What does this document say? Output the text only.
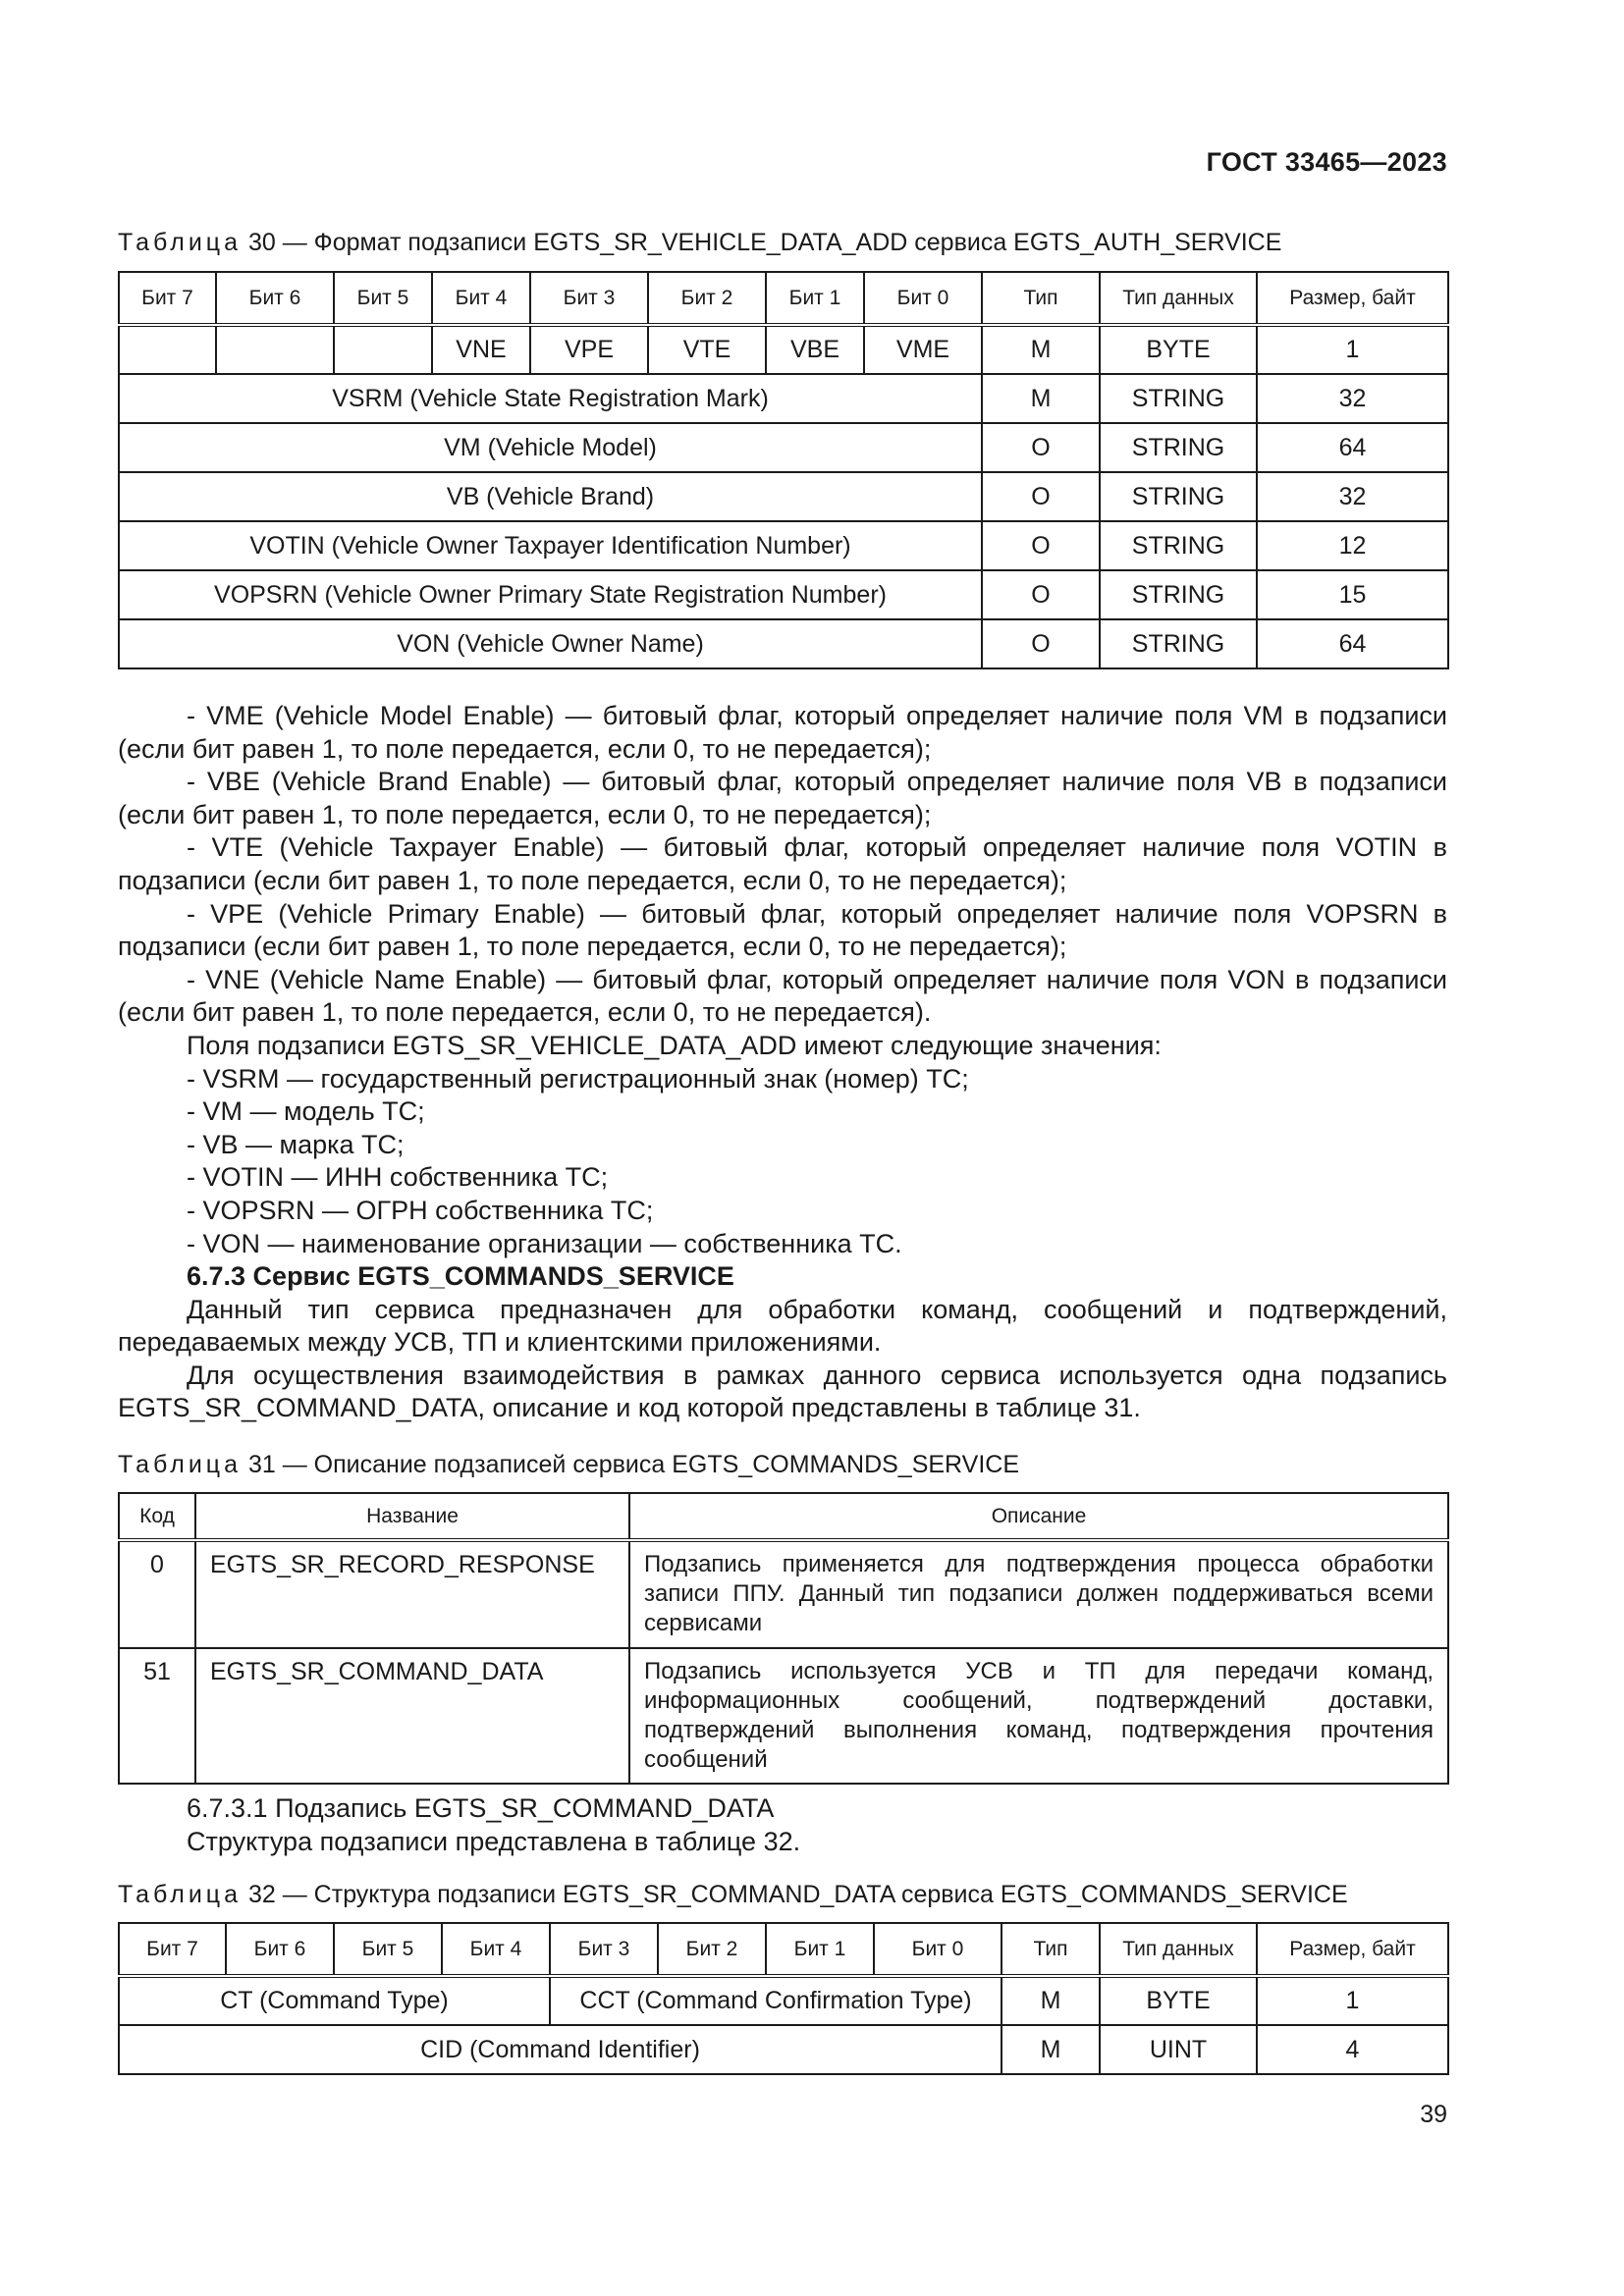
ГОСТ 33465—2023
Таблица 30 — Формат подзаписи EGTS_SR_VEHICLE_DATA_ADD сервиса EGTS_AUTH_SERVICE
Бит 7	Бит 6	Бит 5	Бит 4	Бит 3	Бит 2	Бит 1	Бит 0	Тип	Тип данных	Размер, байт
			VNE	VPE	VTE	VBE	VME	M	BYTE	1
VSRM (Vehicle State Registration Mark)								M	STRING	32
VM (Vehicle Model)								O	STRING	64
VB (Vehicle Brand)								O	STRING	32
VOTIN (Vehicle Owner Taxpayer Identification Number)								O	STRING	12
VOPSRN (Vehicle Owner Primary State Registration Number)								O	STRING	15
VON (Vehicle Owner Name)								O	STRING	64

- VME (Vehicle Model Enable) — битовый флаг, который определяет наличие поля VM в подзаписи (если бит равен 1, то поле передается, если 0, то не передается);

- VBE (Vehicle Brand Enable) — битовый флаг, который определяет наличие поля VB в подзаписи (если бит равен 1, то поле передается, если 0, то не передается);

- VTE (Vehicle Taxpayer Enable) — битовый флаг, который определяет наличие поля VOTIN в подзаписи (если бит равен 1, то поле передается, если 0, то не передается);

- VPE (Vehicle Primary Enable) — битовый флаг, который определяет наличие поля VOPSRN в подзаписи (если бит равен 1, то поле передается, если 0, то не передается);

- VNE (Vehicle Name Enable) — битовый флаг, который определяет наличие поля VON в подзаписи (если бит равен 1, то поле передается, если 0, то не передается).

Поля подзаписи EGTS_SR_VEHICLE_DATA_ADD имеют следующие значения:

- VSRM — государственный регистрационный знак (номер) ТС;

- VM — модель ТС;

- VB — марка ТС;

- VOTIN — ИНН собственника ТС;

- VOPSRN — ОГРН собственника ТС;

- VON — наименование организации — собственника ТС.

6.7.3 Сервис EGTS_COMMANDS_SERVICE

Данный тип сервиса предназначен для обработки команд, сообщений и подтверждений, передаваемых между УСВ, ТП и клиентскими приложениями.

Для осуществления взаимодействия в рамках данного сервиса используется одна подзапись EGTS_SR_COMMAND_DATA, описание и код которой представлены в таблице 31.

Таблица 31 — Описание подзаписей сервиса EGTS_COMMANDS_SERVICE
Код	Название	Описание
0	EGTS_SR_RECORD_RESPONSE	Подзапись применяется для подтверждения процесса обработки записи ППУ. Данный тип подзаписи должен поддерживаться всеми сервисами
51	EGTS_SR_COMMAND_DATA	Подзапись используется УСВ и ТП для передачи команд, информационных сообщений, подтверждений доставки, подтверждений выполнения команд, подтверждения прочтения сообщений

6.7.3.1 Подзапись EGTS_SR_COMMAND_DATA

Структура подзаписи представлена в таблице 32.

Таблица 32 — Структура подзаписи EGTS_SR_COMMAND_DATA сервиса EGTS_COMMANDS_SERVICE
Бит 7	Бит 6	Бит 5	Бит 4	Бит 3	Бит 2	Бит 1	Бит 0	Тип	Тип данных	Размер, байт
CT (Command Type)				CCT (Command Confirmation Type)				M	BYTE	1
CID (Command Identifier)								M	UINT	4
39
